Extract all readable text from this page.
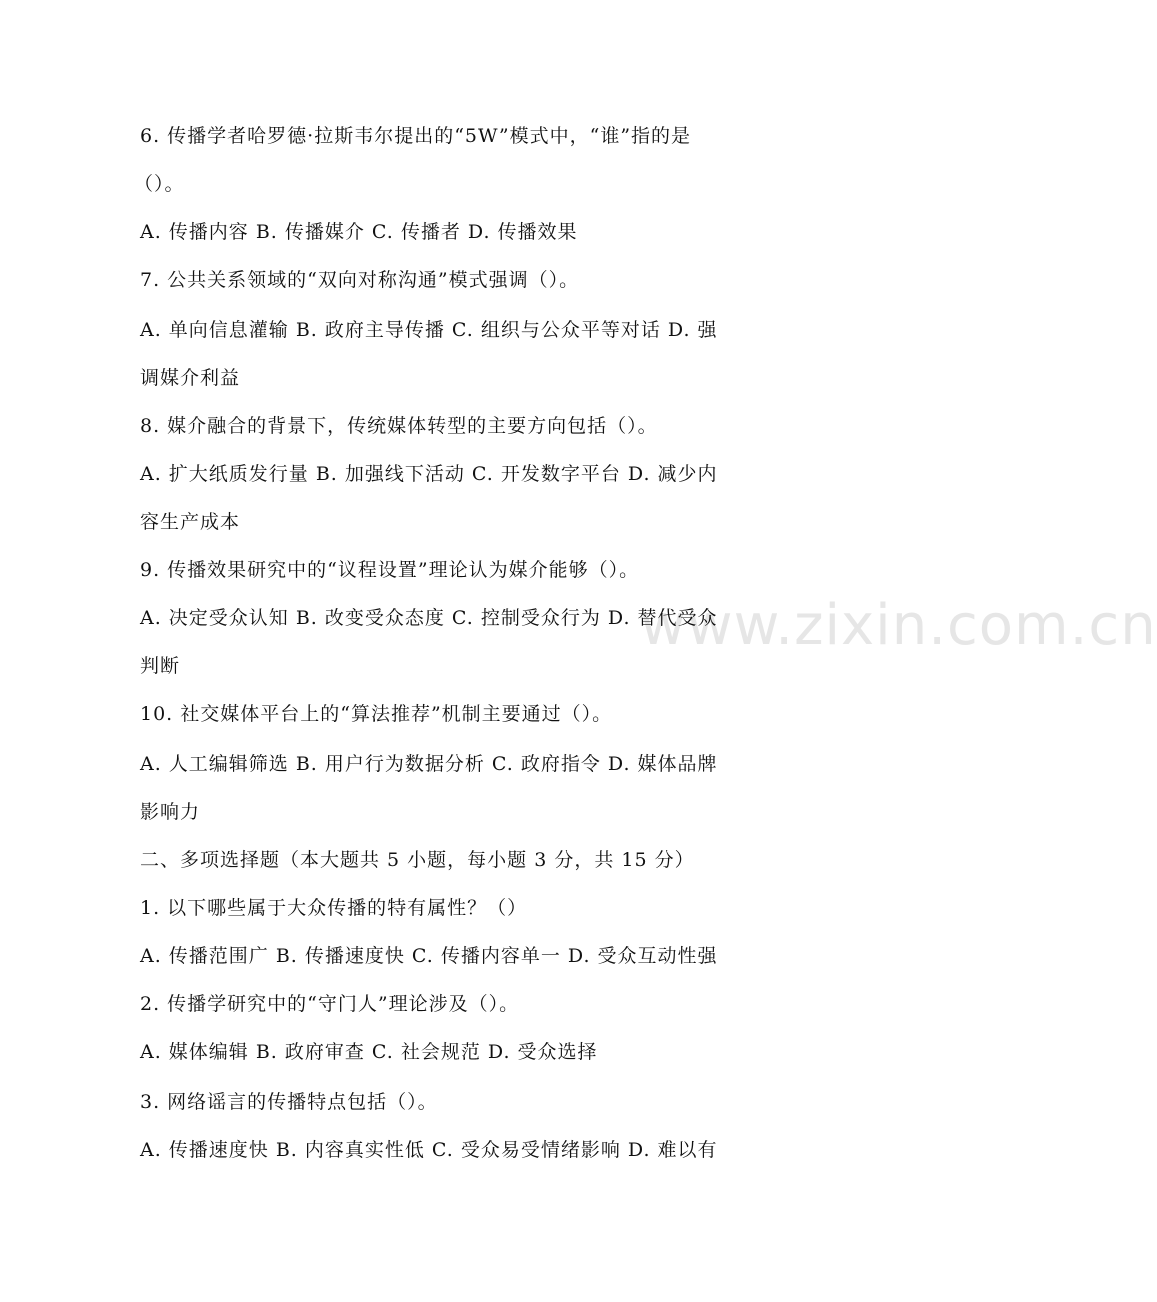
www.zixin.com.cn
6. 传播学者哈罗德·拉斯韦尔提出的“5W”模式中，“谁”指的是
（）。
A. 传播内容 B. 传播媒介 C. 传播者 D. 传播效果
7. 公共关系领域的“双向对称沟通”模式强调（）。
A. 单向信息灌输 B. 政府主导传播 C. 组织与公众平等对话 D. 强
调媒介利益
8. 媒介融合的背景下，传统媒体转型的主要方向包括（）。
A. 扩大纸质发行量 B. 加强线下活动 C. 开发数字平台 D. 减少内
容生产成本
9. 传播效果研究中的“议程设置”理论认为媒介能够（）。
A. 决定受众认知 B. 改变受众态度 C. 控制受众行为 D. 替代受众
判断
10. 社交媒体平台上的“算法推荐”机制主要通过（）。
A. 人工编辑筛选 B. 用户行为数据分析 C. 政府指令 D. 媒体品牌
影响力
二、多项选择题（本大题共 5 小题，每小题 3 分，共 15 分）
1. 以下哪些属于大众传播的特有属性？（）
A. 传播范围广 B. 传播速度快 C. 传播内容单一 D. 受众互动性强
2. 传播学研究中的“守门人”理论涉及（）。
A. 媒体编辑 B. 政府审查 C. 社会规范 D. 受众选择
3. 网络谣言的传播特点包括（）。
A. 传播速度快 B. 内容真实性低 C. 受众易受情绪影响 D. 难以有
